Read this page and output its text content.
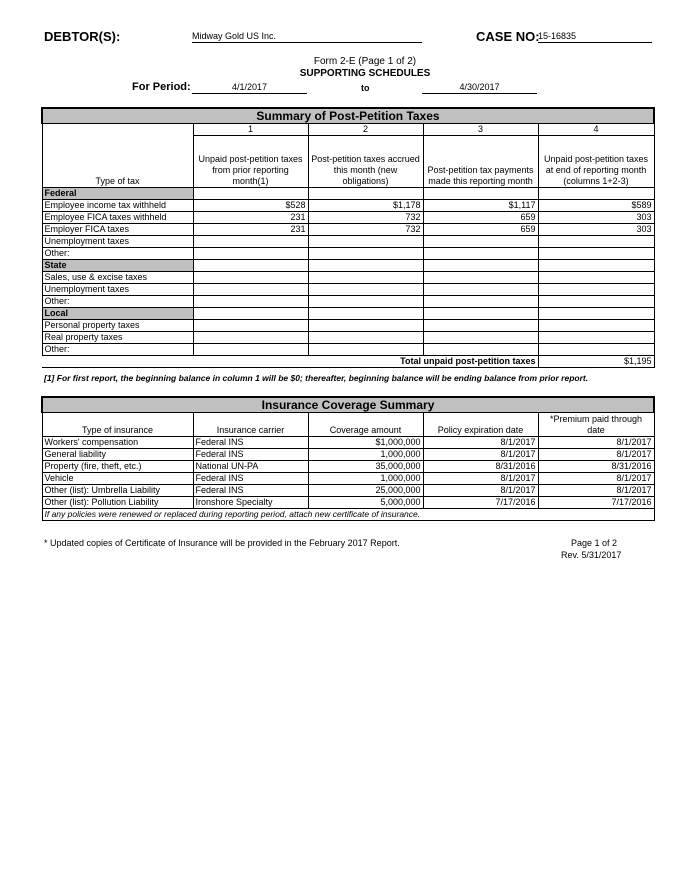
DEBTOR(S):	Midway Gold US Inc.	CASE NO:
15-16835
Form 2-E (Page 1 of 2)
SUPPORTING SCHEDULES
For Period:	4/1/2017	to	4/30/2017
Summary of Post-Petition Taxes				
Type of tax	1	2	3	4
	Unpaid post-petition taxes from prior reporting month(1)	Post-petition taxes accrued this month (new obligations)	Post-petition tax payments made this reporting month	Unpaid post-petition taxes at end of reporting month (columns 1+2-3)
Federal				
Employee income tax withheld	$528	$1,178	$1,117	$589
Employee FICA taxes withheld	231	732	659	303
Employer FICA taxes	231	732	659	303
Unemployment taxes				
Other:				
State				
Sales, use & excise taxes				
Unemployment taxes				
Other:				
Local				
Personal property taxes				
Real property taxes				
Other:				
Total unpaid post-petition taxes				$1,195
[1] For first report, the beginning balance in column 1 will be $0; thereafter, beginning balance will be ending balance from prior report.
Insurance Coverage Summary				
Type of insurance	Insurance carrier	Coverage amount	Policy expiration date	*Premium paid through date
Workers' compensation	Federal INS	$1,000,000	8/1/2017	8/1/2017
General liability	Federal INS	1,000,000	8/1/2017	8/1/2017
Property (fire, theft, etc.)	National UN-PA	35,000,000	8/31/2016	8/31/2016
Vehicle	Federal INS	1,000,000	8/1/2017	8/1/2017
Other (list): Umbrella Liability	Federal INS	25,000,000	8/1/2017	8/1/2017
Other (list): Pollution Liability	Ironshore Specialty	5,000,000	7/17/2016	7/17/2016
If any policies were renewed or replaced during reporting period, attach new certificate of insurance.				
* Updated copies of Certificate of Insurance will be provided in the February 2017 Report.	Page 1 of 2
Rev. 5/31/2017
